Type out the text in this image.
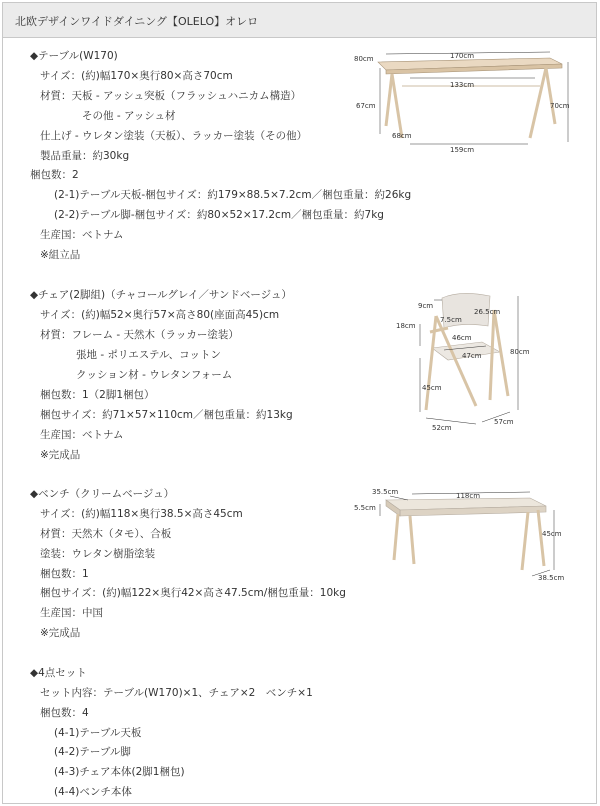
北欧デザインワイドダイニング【OLELO】オレロ
◆テーブル(W170)
サイズ：(約)幅170×奥行80×高さ70cm
材質：天板 - アッシュ突板（フラッシュハニカム構造）
その他 - アッシュ材
仕上げ - ウレタン塗装（天板）、ラッカー塗装（その他）
製品重量：約30kg
梱包数：2
(2-1)テーブル天板-梱包サイズ：約179×88.5×7.2cm／梱包重量：約26kg
(2-2)テーブル脚-梱包サイズ：約80×52×17.2cm／梱包重量：約7kg
生産国：ベトナム
※組立品
80cm	170cm
133cm
67cm	70cm
68cm
159cm
◆チェア(2脚組)（チャコールグレイ／サンドベージュ）
サイズ：(約)幅52×奥行57×高さ80(座面高45)cm
材質：フレーム - 天然木（ラッカー塗装）
張地 - ポリエステル、コットン
クッション材 - ウレタンフォーム
梱包数：1（2脚1梱包）
梱包サイズ：約71×57×110cm／梱包重量：約13kg
生産国：ベトナム
※完成品
9cm
26.5cm
7.5cm
18cm
46cm
47cm	80cm
45cm
52cm
57cm
◆ベンチ（クリームベージュ）
サイズ：(約)幅118×奥行38.5×高さ45cm
材質：天然木（タモ）、合板
塗装：ウレタン樹脂塗装
梱包数：1
梱包サイズ：(約)幅122×奥行42×高さ47.5cm/梱包重量：10kg
生産国：中国
※完成品
35.5cm	118cm
5.5cm
45cm
38.5cm
◆4点セット
セット内容：テーブル(W170)×1、チェア×2　ベンチ×1
梱包数：4
(4-1)テーブル天板
(4-2)テーブル脚
(4-3)チェア本体(2脚1梱包)
(4-4)ベンチ本体
